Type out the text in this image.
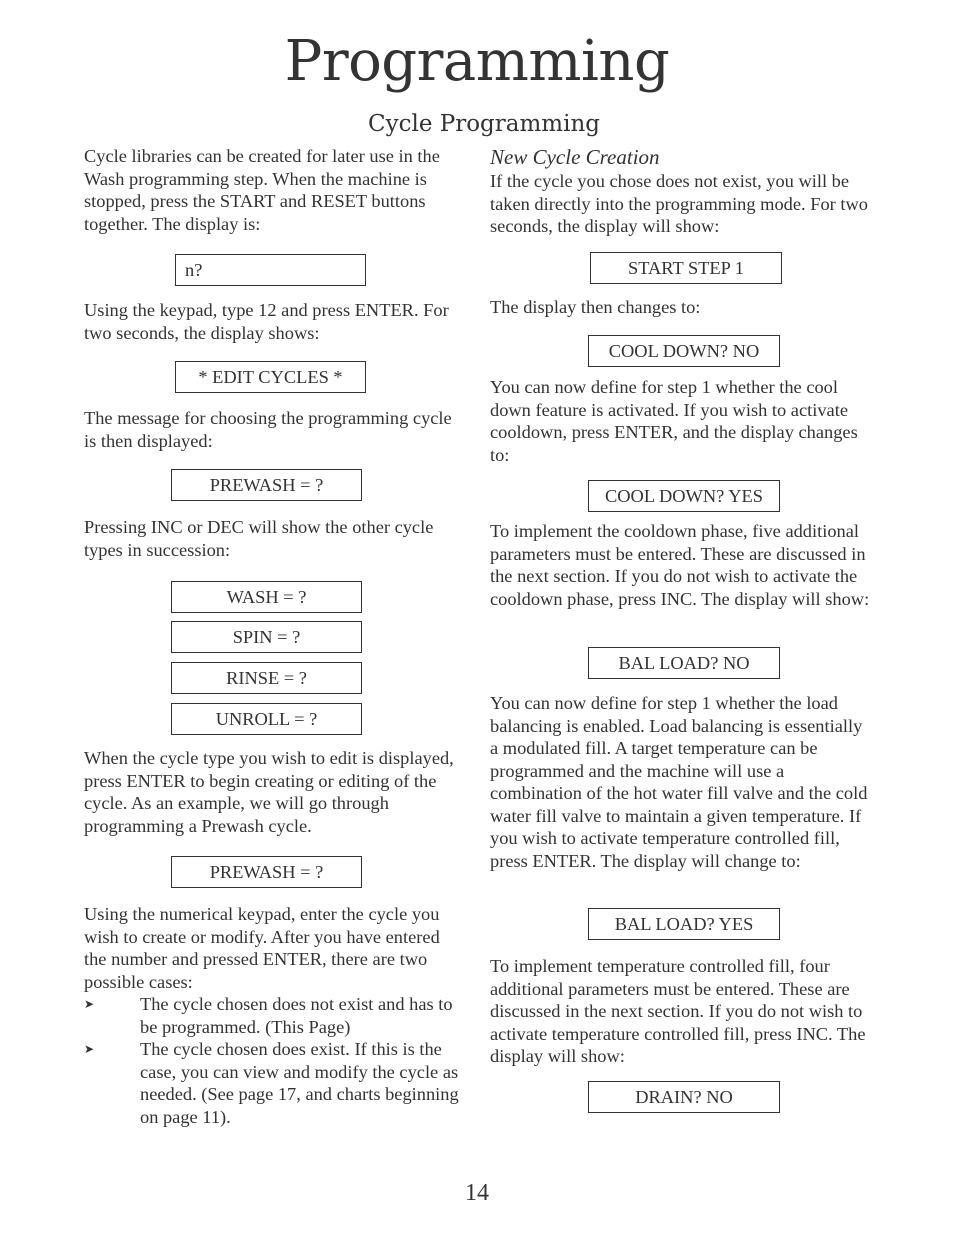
Programming
Cycle Programming

Cycle libraries can be created for later use in the Wash programming step. When the machine is stopped, press the START and RESET buttons together. The display is:

n?

Using the keypad, type 12 and press ENTER. For two seconds, the display shows:

* EDIT CYCLES *

The message for choosing the programming cycle is then displayed:

PREWASH = ?

Pressing INC or DEC will show the other cycle types in succession:

WASH = ?
SPIN = ?
RINSE = ?
UNROLL = ?

When the cycle type you wish to edit is displayed, press ENTER to begin creating or editing of the cycle. As an example, we will go through programming a Prewash cycle.

PREWASH = ?

Using the numerical keypad, enter the cycle you wish to create or modify. After you have entered the number and pressed ENTER, there are two possible cases:

➤ The cycle chosen does not exist and has to be programmed. (This Page)
➤ The cycle chosen does exist. If this is the case, you can view and modify the cycle as needed. (See page 17, and charts beginning on page 11).
New Cycle Creation

If the cycle you chose does not exist, you will be taken directly into the programming mode. For two seconds, the display will show:

START STEP 1

The display then changes to:

COOL DOWN? NO

You can now define for step 1 whether the cool down feature is activated. If you wish to activate cooldown, press ENTER, and the display changes to:

COOL DOWN? YES

To implement the cooldown phase, five additional parameters must be entered. These are discussed in the next section. If you do not wish to activate the cooldown phase, press INC. The display will show:

BAL LOAD? NO

You can now define for step 1 whether the load balancing is enabled. Load balancing is essentially a modulated fill. A target temperature can be programmed and the machine will use a combination of the hot water fill valve and the cold water fill valve to maintain a given temperature. If you wish to activate temperature controlled fill, press ENTER. The display will change to:

BAL LOAD? YES

To implement temperature controlled fill, four additional parameters must be entered. These are discussed in the next section. If you do not wish to activate temperature controlled fill, press INC. The display will show:

DRAIN? NO
14
